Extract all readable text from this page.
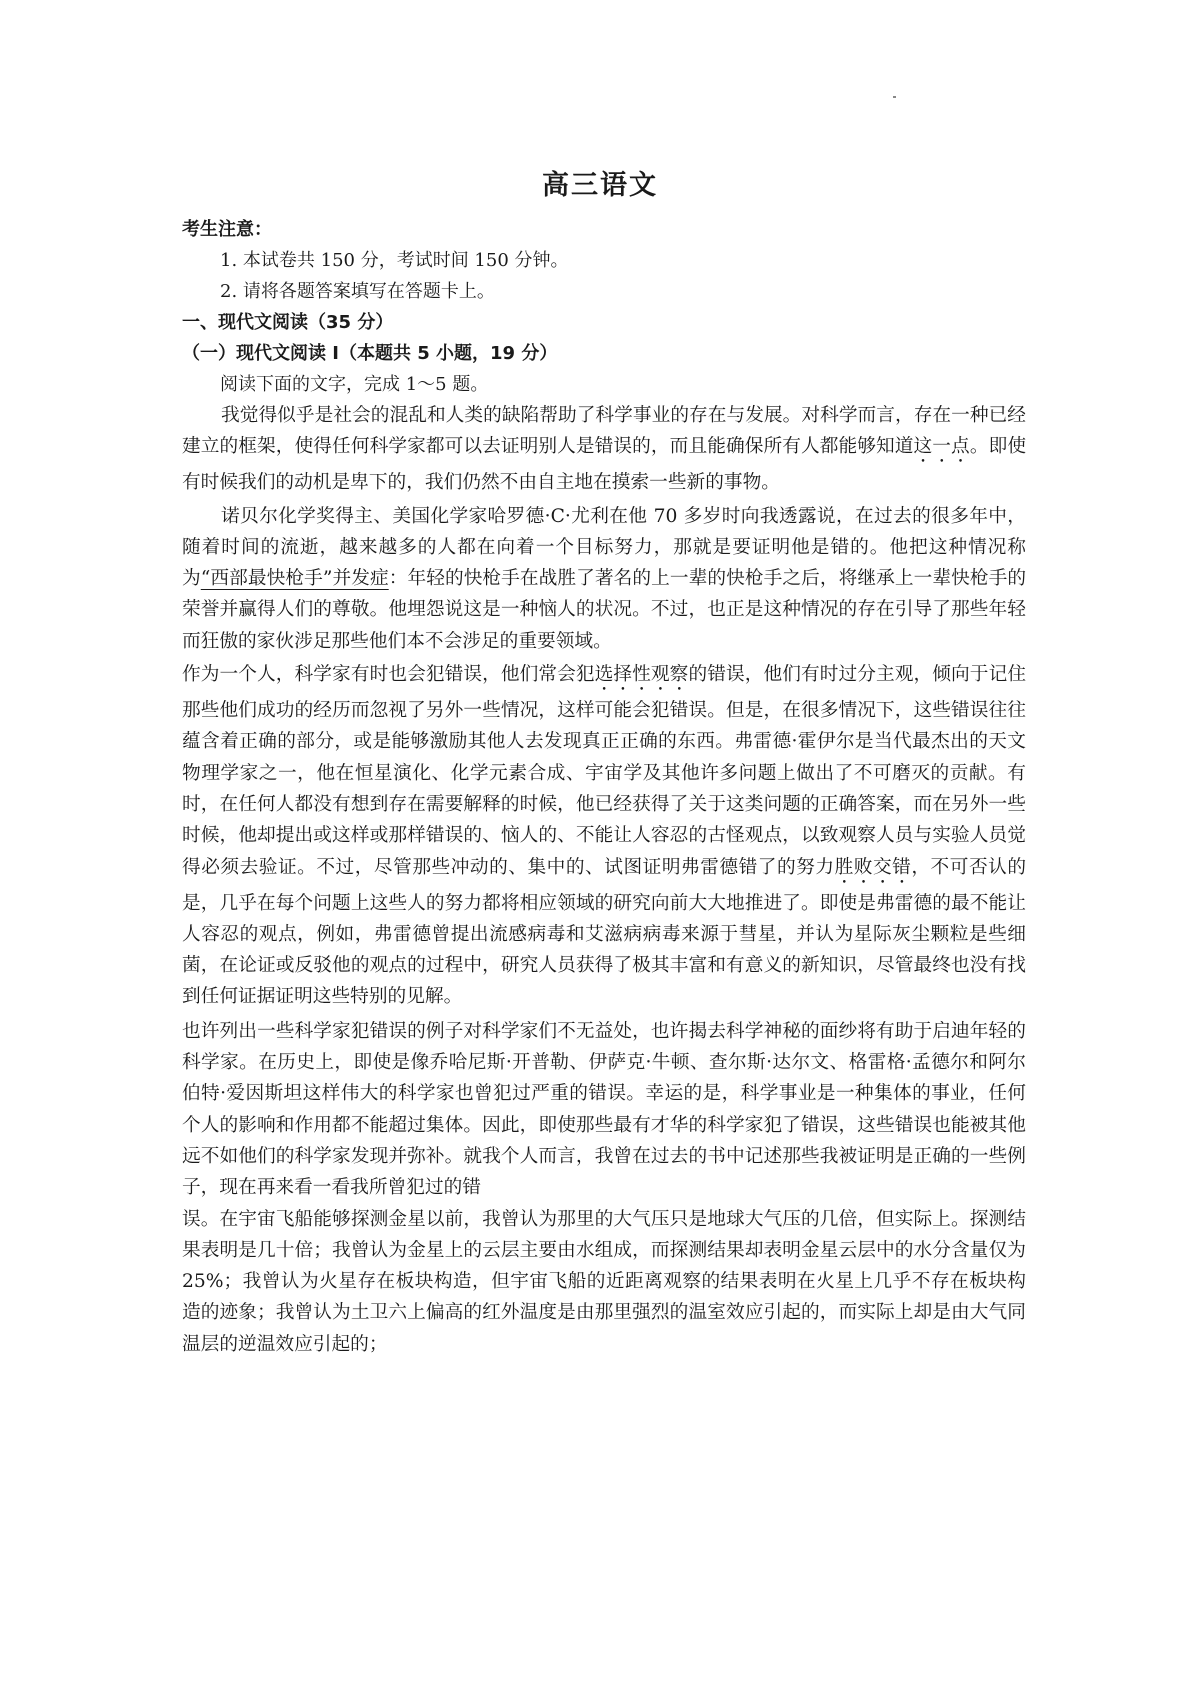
高三语文
考生注意：
1. 本试卷共 150 分，考试时间 150 分钟。
2. 请将各题答案填写在答题卡上。
一、现代文阅读（35 分）
（一）现代文阅读 I（本题共 5 小题，19 分）
阅读下面的文字，完成 1～5 题。

我觉得似乎是社会的混乱和人类的缺陷帮助了科学事业的存在与发展。对科学而言，存在一种已经建立的框架，使得任何科学家都可以去证明别人是错误的，而且能确保所有人都能够知道这一点。即使有时候我们的动机是卑下的，我们仍然不由自主地在摸索一些新的事物。

诺贝尔化学奖得主、美国化学家哈罗德·C·尤利在他 70 多岁时向我透露说，在过去的很多年中，随着时间的流逝，越来越多的人都在向着一个目标努力，那就是要证明他是错的。他把这种情况称为“西部最快枪手”并发症：年轻的快枪手在战胜了著名的上一辈的快枪手之后，将继承上一辈快枪手的荣誉并赢得人们的尊敬。他埋怨说这是一种恼人的状况。不过，也正是这种情况的存在引导了那些年轻而狂傲的家伙涉足那些他们本不会涉足的重要领域。

作为一个人，科学家有时也会犯错误，他们常会犯选择性观察的错误，他们有时过分主观，倾向于记住那些他们成功的经历而忽视了另外一些情况，这样可能会犯错误。但是，在很多情况下，这些错误往往蕴含着正确的部分，或是能够激励其他人去发现真正正确的东西。弗雷德·霍伊尔是当代最杰出的天文物理学家之一，他在恒星演化、化学元素合成、宇宙学及其他许多问题上做出了不可磨灭的贡献。有时，在任何人都没有想到存在需要解释的时候，他已经获得了关于这类问题的正确答案，而在另外一些时候，他却提出或这样或那样错误的、恼人的、不能让人容忍的古怪观点，以致观察人员与实验人员觉得必须去验证。不过，尽管那些冲动的、集中的、试图证明弗雷德错了的努力胜败交错，不可否认的是，几乎在每个问题上这些人的努力都将相应领域的研究向前大大地推进了。即使是弗雷德的最不能让人容忍的观点，例如，弗雷德曾提出流感病毒和艾滋病病毒来源于彗星，并认为星际灰尘颗粒是些细菌，在论证或反驳他的观点的过程中，研究人员获得了极其丰富和有意义的新知识，尽管最终也没有找到任何证据证明这些特别的见解。

也许列出一些科学家犯错误的例子对科学家们不无益处，也许揭去科学神秘的面纱将有助于启迪年轻的科学家。在历史上，即使是像乔哈尼斯·开普勒、伊萨克·牛顿、查尔斯·达尔文、格雷格·孟德尔和阿尔伯特·爱因斯坦这样伟大的科学家也曾犯过严重的错误。幸运的是，科学事业是一种集体的事业，任何个人的影响和作用都不能超过集体。因此，即使那些最有才华的科学家犯了错误，这些错误也能被其他远不如他们的科学家发现并弥补。就我个人而言，我曾在过去的书中记述那些我被证明是正确的一些例子，现在再来看一看我所曾犯过的错

误。在宇宙飞船能够探测金星以前，我曾认为那里的大气压只是地球大气压的几倍，但实际上。探测结果表明是几十倍；我曾认为金星上的云层主要由水组成，而探测结果却表明金星云层中的水分含量仅为 25%；我曾认为火星存在板块构造，但宇宙飞船的近距离观察的结果表明在火星上几乎不存在板块构造的迹象；我曾认为土卫六上偏高的红外温度是由那里强烈的温室效应引起的，而实际上却是由大气同温层的逆温效应引起的；
